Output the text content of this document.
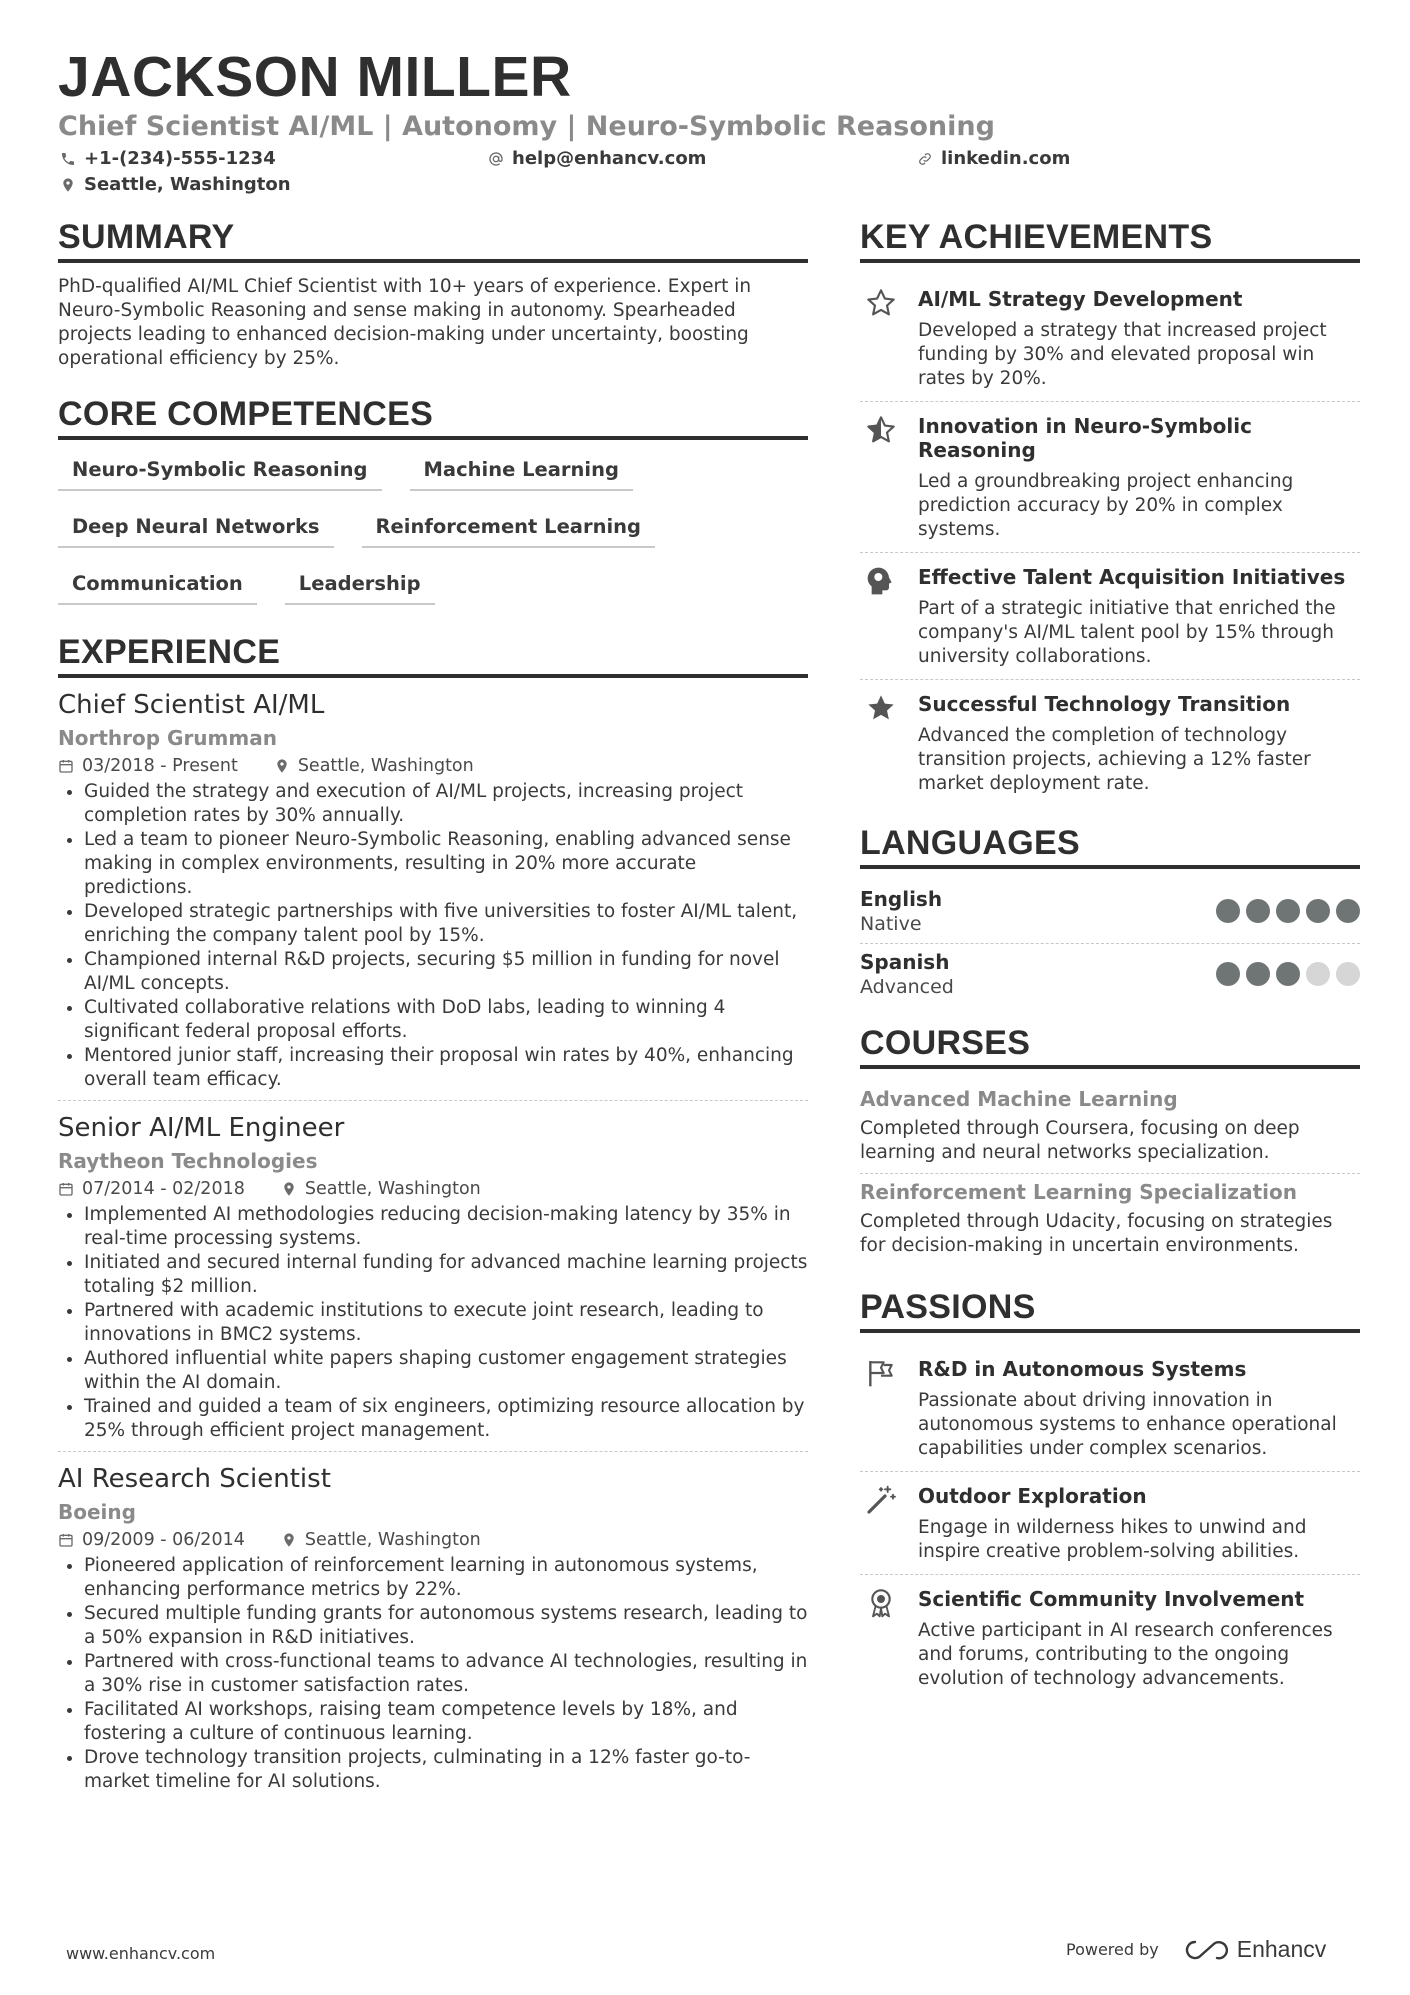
JACKSON MILLER
Chief Scientist AI/ML | Autonomy | Neuro-Symbolic Reasoning
+1-(234)-555-1234	help@enhancv.com	linkedin.com
Seattle, Washington
SUMMARY

PhD-qualified AI/ML Chief Scientist with 10+ years of experience. Expert in Neuro-Symbolic Reasoning and sense making in autonomy. Spearheaded projects leading to enhanced decision-making under uncertainty, boosting operational efficiency by 25%.

CORE COMPETENCES
Neuro-Symbolic Reasoning	Machine Learning
Deep Neural Networks	Reinforcement Learning
Communication	Leadership
EXPERIENCE

Chief Scientist AI/ML

Northrop Grumman
03/2018 - Present	Seattle, Washington
• Guided the strategy and execution of AI/ML projects, increasing project completion rates by 30% annually.
• Led a team to pioneer Neuro-Symbolic Reasoning, enabling advanced sense making in complex environments, resulting in 20% more accurate predictions.
• Developed strategic partnerships with five universities to foster AI/ML talent, enriching the company talent pool by 15%.
• Championed internal R&D projects, securing $5 million in funding for novel AI/ML concepts.
• Cultivated collaborative relations with DoD labs, leading to winning 4 significant federal proposal efforts.
• Mentored junior staff, increasing their proposal win rates by 40%, enhancing overall team efficacy.

Senior AI/ML Engineer

Raytheon Technologies
07/2014 - 02/2018	Seattle, Washington
• Implemented AI methodologies reducing decision-making latency by 35% in real-time processing systems.
• Initiated and secured internal funding for advanced machine learning projects totaling $2 million.
• Partnered with academic institutions to execute joint research, leading to innovations in BMC2 systems.
• Authored influential white papers shaping customer engagement strategies within the AI domain.
• Trained and guided a team of six engineers, optimizing resource allocation by 25% through efficient project management.

AI Research Scientist

Boeing
09/2009 - 06/2014	Seattle, Washington
• Pioneered application of reinforcement learning in autonomous systems, enhancing performance metrics by 22%.
• Secured multiple funding grants for autonomous systems research, leading to a 50% expansion in R&D initiatives.
• Partnered with cross-functional teams to advance AI technologies, resulting in a 30% rise in customer satisfaction rates.
• Facilitated AI workshops, raising team competence levels by 18%, and fostering a culture of continuous learning.
• Drove technology transition projects, culminating in a 12% faster go-to-market timeline for AI solutions.
KEY ACHIEVEMENTS
AI/ML Strategy Development

Developed a strategy that increased project funding by 30% and elevated proposal win rates by 20%.

Innovation in Neuro-Symbolic Reasoning

Led a groundbreaking project enhancing prediction accuracy by 20% in complex systems.

Effective Talent Acquisition Initiatives

Part of a strategic initiative that enriched the company's AI/ML talent pool by 15% through university collaborations.

Successful Technology Transition

Advanced the completion of technology transition projects, achieving a 12% faster market deployment rate.

LANGUAGES
English
Native
Spanish
Advanced
COURSES
Advanced Machine Learning

Completed through Coursera, focusing on deep learning and neural networks specialization.

Reinforcement Learning Specialization

Completed through Udacity, focusing on strategies for decision-making in uncertain environments.

PASSIONS
R&D in Autonomous Systems

Passionate about driving innovation in autonomous systems to enhance operational capabilities under complex scenarios.

Outdoor Exploration

Engage in wilderness hikes to unwind and inspire creative problem-solving abilities.

Scientific Community Involvement

Active participant in AI research conferences and forums, contributing to the ongoing evolution of technology advancements.

www.enhancv.com	Powered by	Enhancv
